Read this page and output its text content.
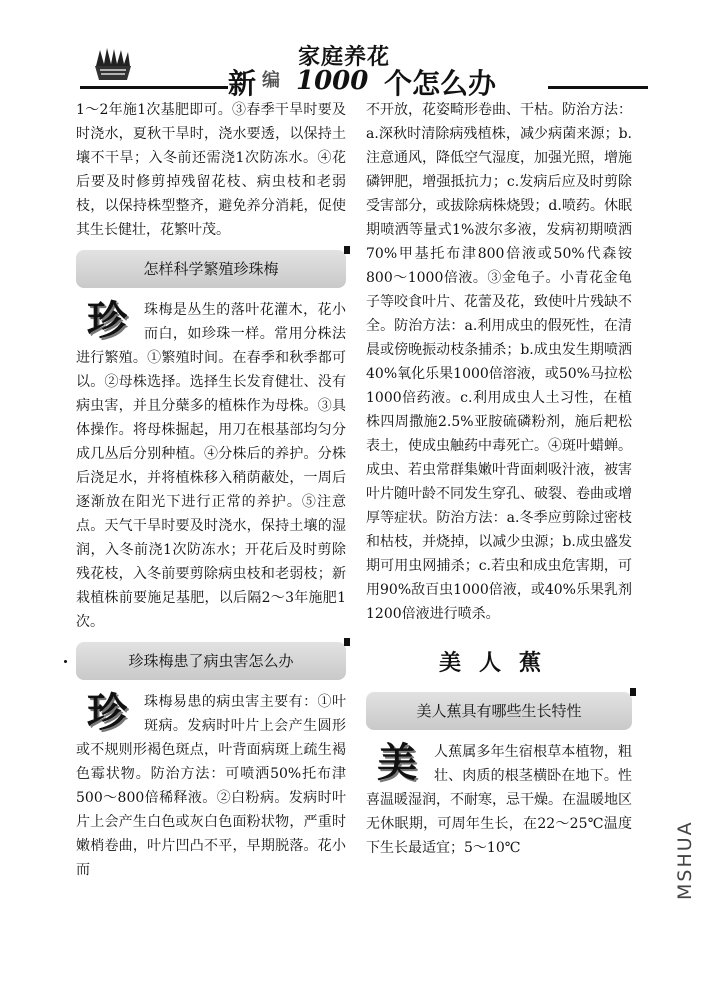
家庭养花
新 编 1000 个怎么办

1～2年施1次基肥即可。③春季干旱时要及时浇水，夏秋干旱时，浇水要透，以保持土壤不干旱；入冬前还需浇1次防冻水。④花后要及时修剪掉残留花枝、病虫枝和老弱枝，以保持株型整齐，避免养分消耗，促使其生长健壮，花繁叶茂。

怎样科学繁殖珍珠梅
珍	珠梅是丛生的落叶花灌木，花小而白，如珍珠一样。常用分株法进行繁殖。①繁殖时间。在春季和秋季都可以。②母株选择。选择生长发育健壮、没有病虫害，并且分蘖多的植株作为母株。③具体操作。将母株掘起，用刀在根基部均匀分成几丛后分别种植。④分株后的养护。分株后浇足水，并将植株移入稍荫蔽处，一周后逐渐放在阳光下进行正常的养护。⑤注意点。天气干旱时要及时浇水，保持土壤的湿润，入冬前浇1次防冻水；开花后及时剪除残花枝，入冬前要剪除病虫枝和老弱枝；新栽植株前要施足基肥，以后隔2～3年施肥1次。
珍珠梅患了病虫害怎么办
珍	珠梅易患的病虫害主要有：①叶斑病。发病时叶片上会产生圆形或不规则形褐色斑点，叶背面病斑上疏生褐色霉状物。防治方法：可喷洒50%托布津500～800倍稀释液。②白粉病。发病时叶片上会产生白色或灰白色面粉状物，严重时嫩梢卷曲，叶片凹凸不平，早期脱落。花小而

不开放，花姿畸形卷曲、干枯。防治方法：a.深秋时清除病残植株，减少病菌来源；b.注意通风，降低空气湿度，加强光照，增施磷钾肥，增强抵抗力；c.发病后应及时剪除受害部分，或拔除病株烧毁；d.喷药。休眠期喷洒等量式1%波尔多液，发病初期喷洒70%甲基托布津800倍液或50%代森铵800～1000倍液。③金龟子。小青花金龟子等咬食叶片、花蕾及花，致使叶片残缺不全。防治方法：a.利用成虫的假死性，在清晨或傍晚振动枝条捕杀；b.成虫发生期喷洒40%氧化乐果1000倍溶液，或50%马拉松1000倍药液。c.利用成虫人土习性，在植株四周撒施2.5%亚胺硫磷粉剂，施后耙松表土，使成虫触药中毒死亡。④斑叶蜡蝉。成虫、若虫常群集嫩叶背面刺吸汁液，被害叶片随叶龄不同发生穿孔、破裂、卷曲或增厚等症状。防治方法：a.冬季应剪除过密枝和枯枝，并烧掉，以减少虫源；b.成虫盛发期可用虫网捕杀；c.若虫和成虫危害期，可用90%敌百虫1000倍液，或40%乐果乳剂1200倍液进行喷杀。

美人蕉
美人蕉具有哪些生长特性
美	人蕉属多年生宿根草本植物，粗壮、肉质的根茎横卧在地下。性喜温暖湿润，不耐寒，忌干燥。在温暖地区无休眠期，可周年生长，在22～25℃温度下生长最适宜；5～10℃	MSHUA
